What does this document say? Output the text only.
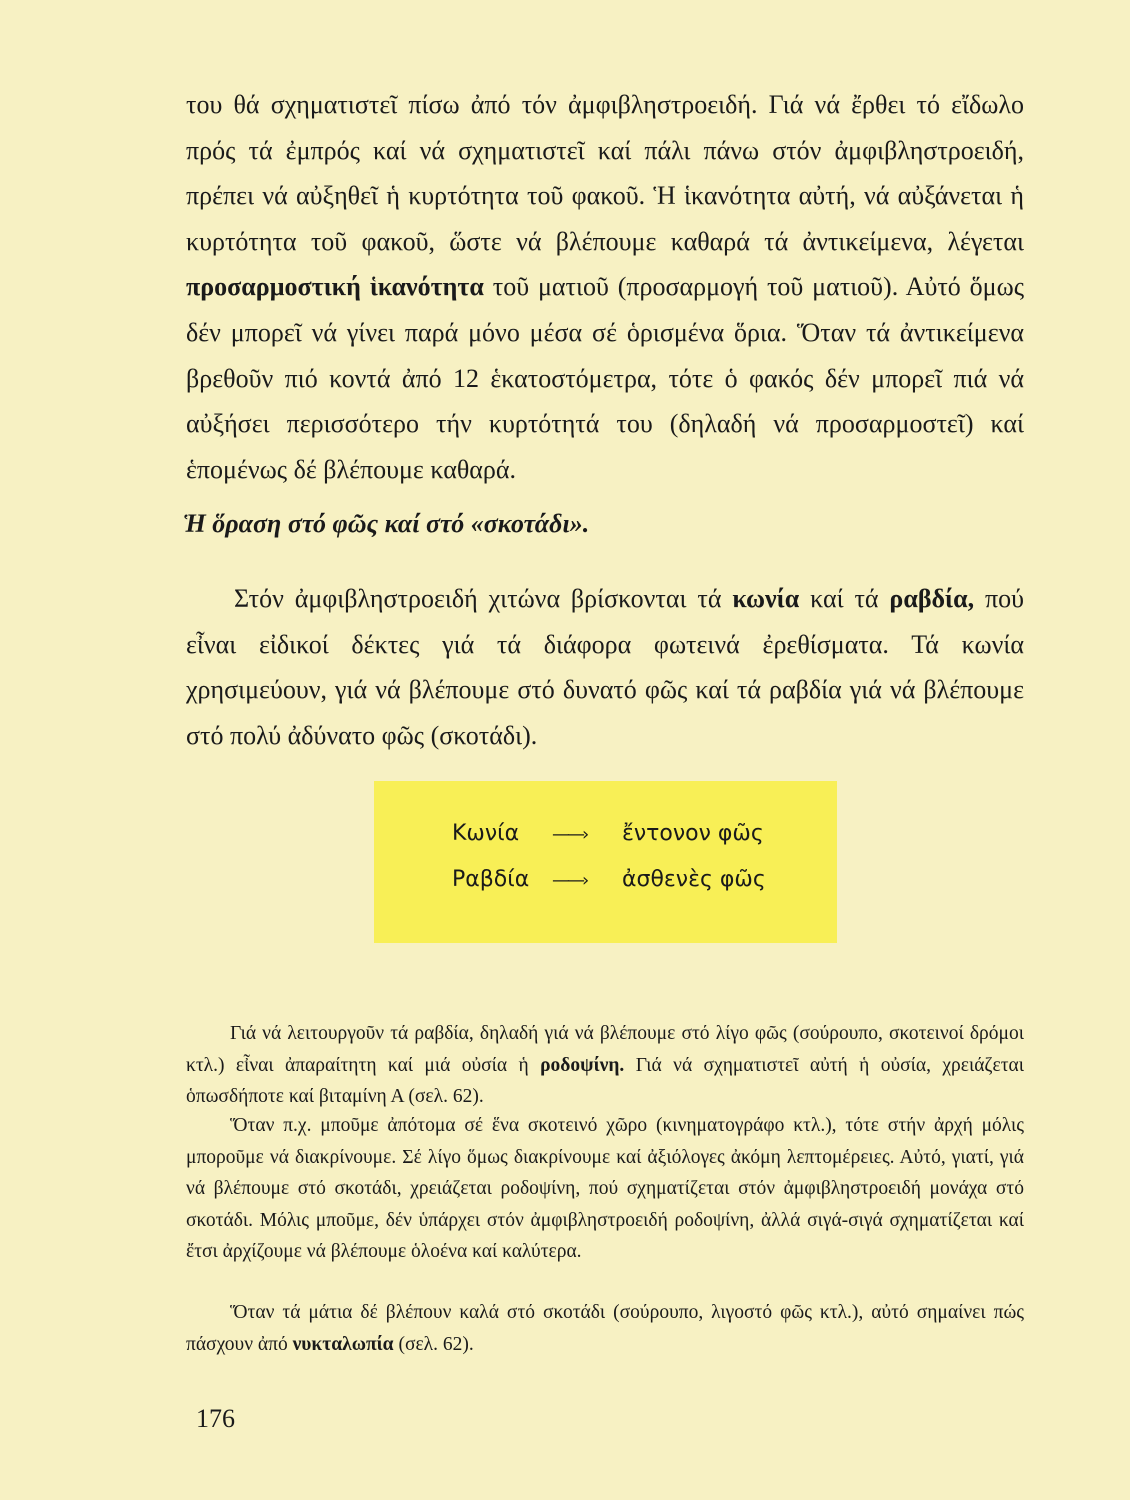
του θά σχηματιστεῖ πίσω ἀπό τόν ἀμφιβληστροειδή. Γιά νά ἔρθει τό εἴδωλο πρός τά ἐμπρός καί νά σχηματιστεῖ καί πάλι πάνω στόν ἀμφιβληστροειδή, πρέπει νά αὐξηθεῖ ἡ κυρτότητα τοῦ φακοῦ. Ἡ ἱκανότητα αὐτή, νά αὐξάνεται ἡ κυρτότητα τοῦ φακοῦ, ὥστε νά βλέπουμε καθαρά τά ἀντικείμενα, λέγεται προσαρμοστική ἱκανότητα τοῦ ματιοῦ (προσαρμογή τοῦ ματιοῦ). Αὐτό ὅμως δέν μπορεῖ νά γίνει παρά μόνο μέσα σέ ὁρισμένα ὅρια. Ὅταν τά ἀντικείμενα βρεθοῦν πιό κοντά ἀπό 12 ἑκατοστόμετρα, τότε ὁ φακός δέν μπορεῖ πιά νά αὐξήσει περισσότερο τήν κυρτότητά του (δηλαδή νά προσαρμοστεῖ) καί ἑπομένως δέ βλέπουμε καθαρά.

Ἡ ὅραση στό φῶς καί στό «σκοτάδι».

Στόν ἀμφιβληστροειδή χιτώνα βρίσκονται τά κωνία καί τά ραβδία, πού εἶναι εἰδικοί δέκτες γιά τά διάφορα φωτεινά ἐρεθίσματα. Τά κωνία χρησιμεύουν, γιά νά βλέπουμε στό δυνατό φῶς καί τά ραβδία γιά νά βλέπουμε στό πολύ ἀδύνατο φῶς (σκοτάδι).

Κωνία ——› ἔντονον φῶς
Ραβδία ——› ἀσθενὲς φῶς

Γιά νά λειτουργοῦν τά ραβδία, δηλαδή γιά νά βλέπουμε στό λίγο φῶς (σούρουπο, σκοτεινοί δρόμοι κτλ.) εἶναι ἀπαραίτητη καί μιά οὐσία ἡ ροδοψίνη. Γιά νά σχηματιστεῖ αὐτή ἡ οὐσία, χρειάζεται ὁπωσδήποτε καί βιταμίνη Α (σελ. 62).

Ὅταν π.χ. μποῦμε ἀπότομα σέ ἕνα σκοτεινό χῶρο (κινηματογράφο κτλ.), τότε στήν ἀρχή μόλις μποροῦμε νά διακρίνουμε. Σέ λίγο ὅμως διακρίνουμε καί ἀξιόλογες ἀκόμη λεπτομέρειες. Αὐτό, γιατί, γιά νά βλέπουμε στό σκοτάδι, χρειάζεται ροδοψίνη, πού σχηματίζεται στόν ἀμφιβληστροειδή μονάχα στό σκοτάδι. Μόλις μποῦμε, δέν ὑπάρχει στόν ἀμφιβληστροειδή ροδοψίνη, ἀλλά σιγά-σιγά σχηματίζεται καί ἔτσι ἀρχίζουμε νά βλέπουμε ὁλοένα καί καλύτερα.

Ὅταν τά μάτια δέ βλέπουν καλά στό σκοτάδι (σούρουπο, λιγοστό φῶς κτλ.), αὐτό σημαίνει πώς πάσχουν ἀπό νυκταλωπία (σελ. 62).

176
